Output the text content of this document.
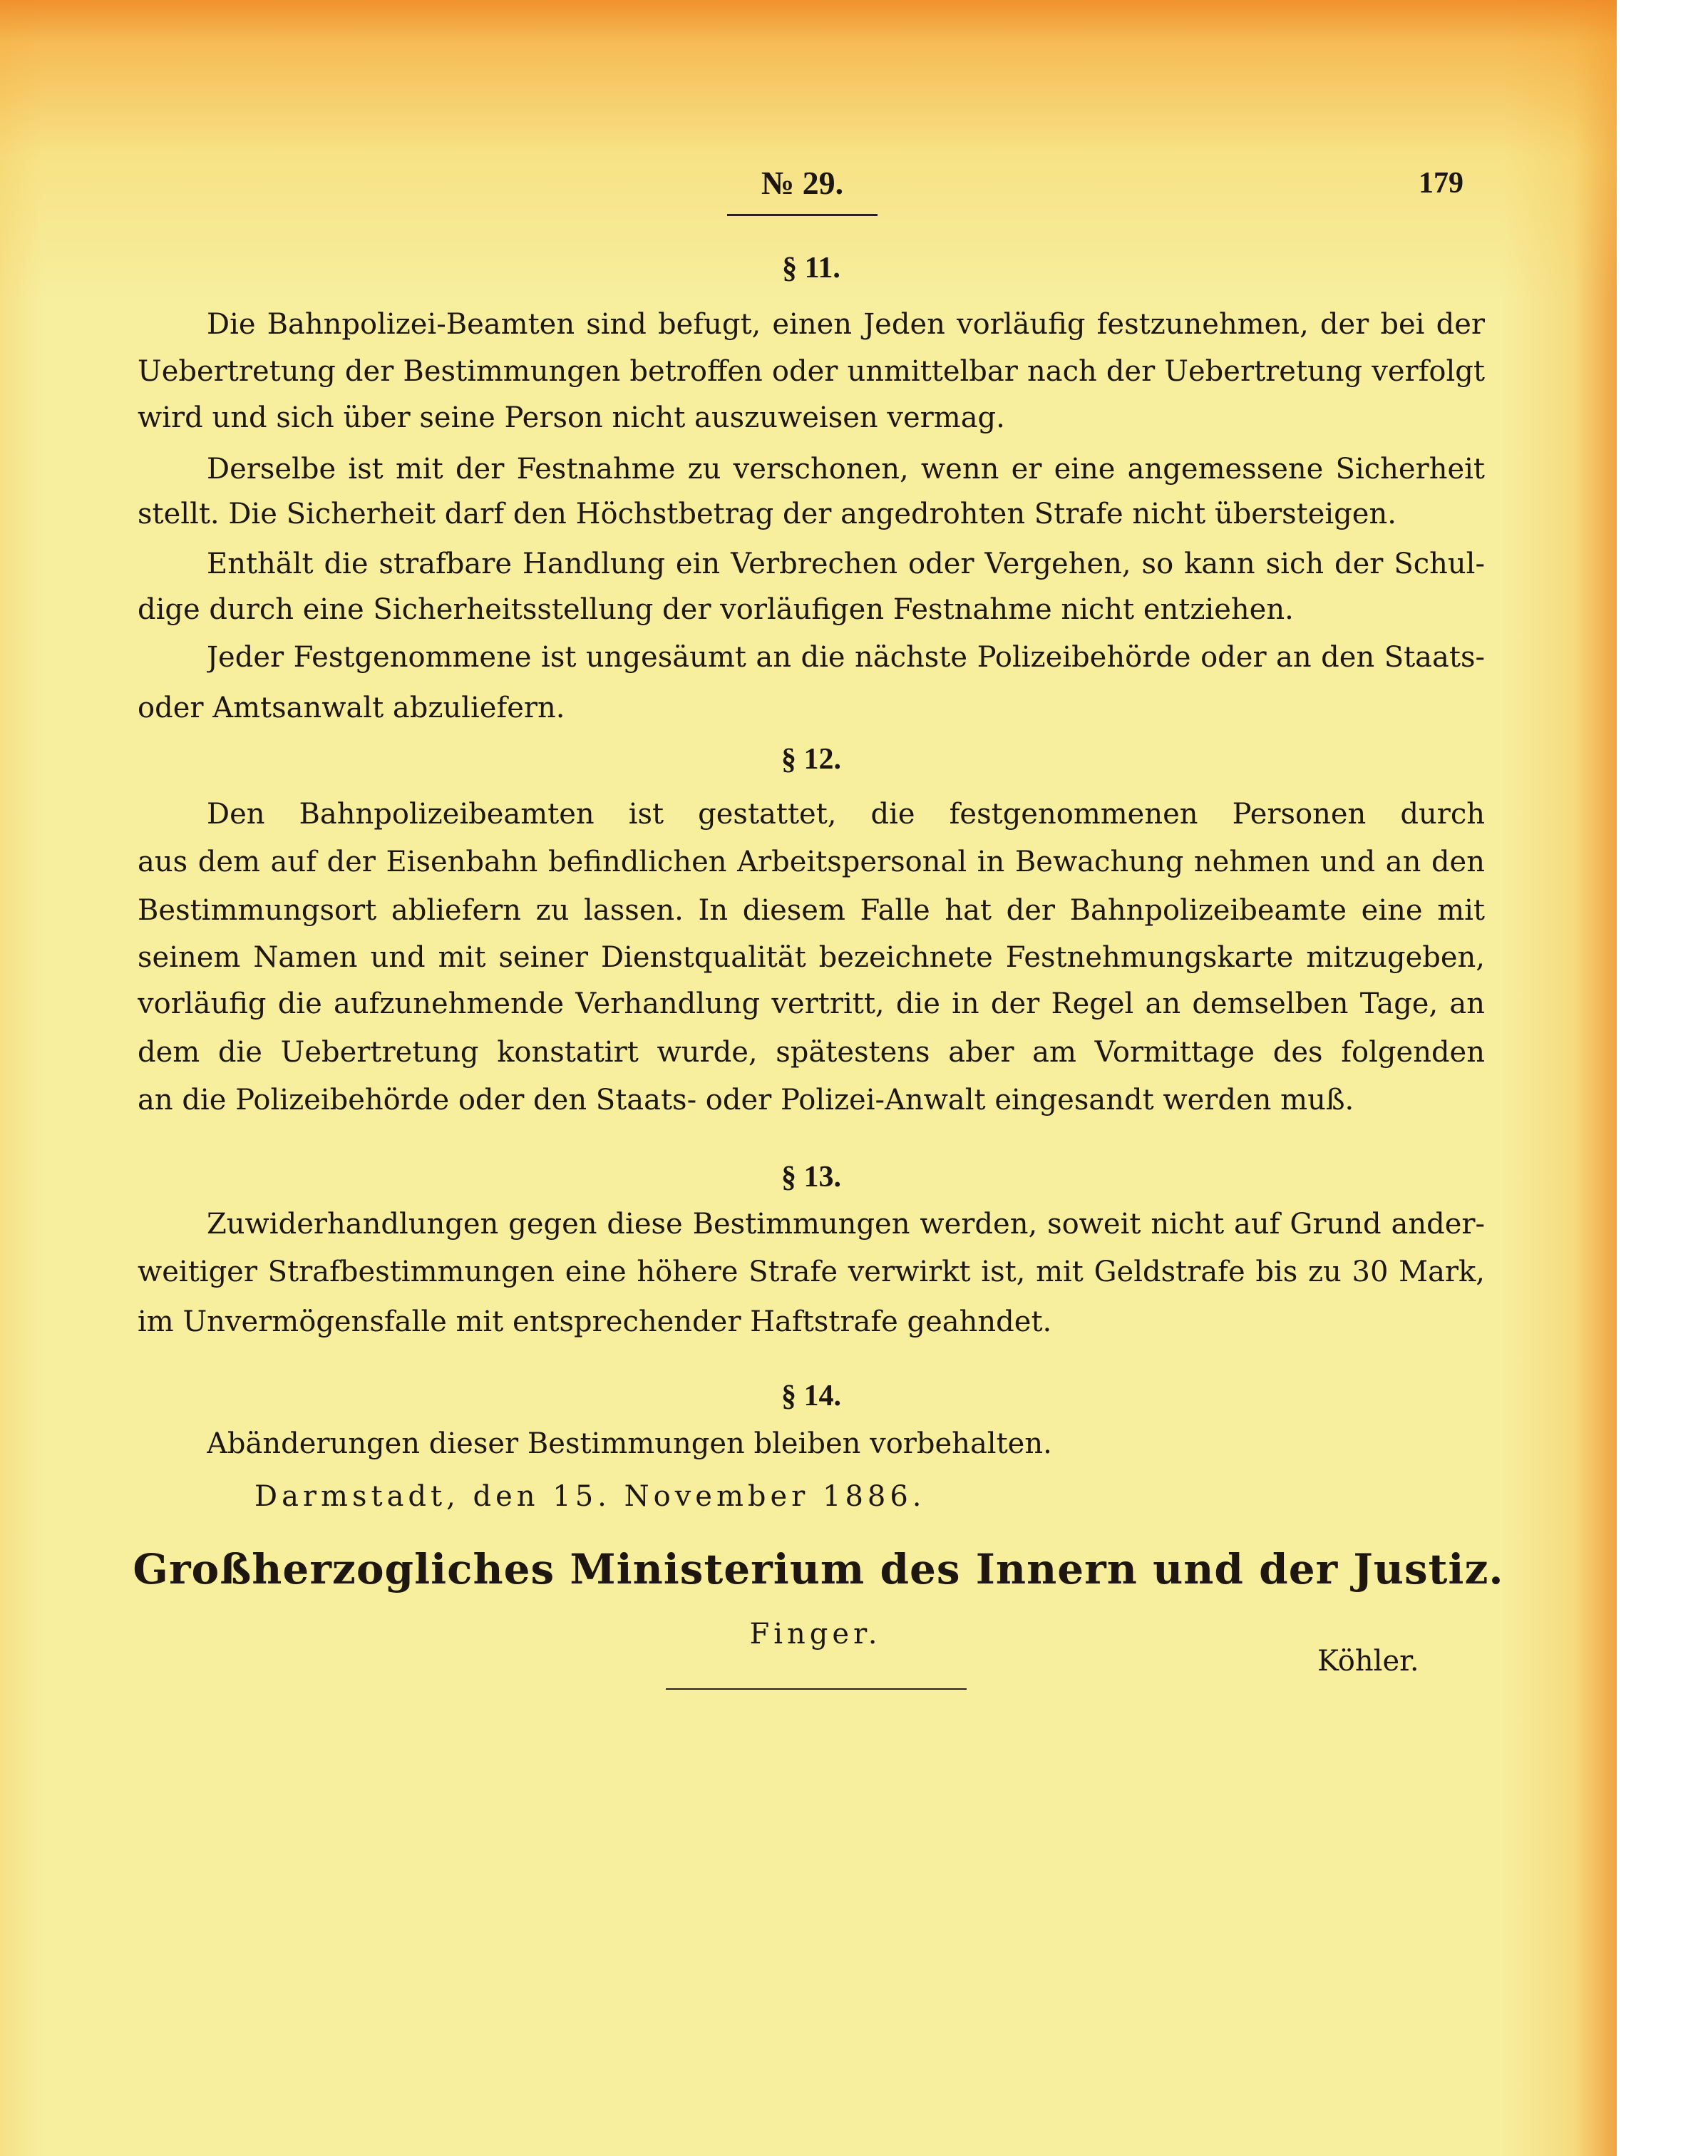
№ 29.	179
§ 11.
Die Bahnpolizei-Beamten sind befugt, einen Jeden vorläufig festzunehmen, der bei der
Uebertretung der Bestimmungen betroffen oder unmittelbar nach der Uebertretung verfolgt
wird und sich über seine Person nicht auszuweisen vermag.
Derselbe ist mit der Festnahme zu verschonen, wenn er eine angemessene Sicherheit
stellt. Die Sicherheit darf den Höchstbetrag der angedrohten Strafe nicht übersteigen.
Enthält die strafbare Handlung ein Verbrechen oder Vergehen, so kann sich der Schul-
dige durch eine Sicherheitsstellung der vorläufigen Festnahme nicht entziehen.
Jeder Festgenommene ist ungesäumt an die nächste Polizeibehörde oder an den Staats-
oder Amtsanwalt abzuliefern.
§ 12.
Den Bahnpolizeibeamten ist gestattet, die festgenommenen Personen durch
aus dem auf der Eisenbahn befindlichen Arbeitspersonal in Bewachung nehmen und an den
Bestimmungsort abliefern zu lassen. In diesem Falle hat der Bahnpolizeibeamte eine mit
seinem Namen und mit seiner Dienstqualität bezeichnete Festnehmungskarte mitzugeben,
vorläufig die aufzunehmende Verhandlung vertritt, die in der Regel an demselben Tage, an
dem die Uebertretung konstatirt wurde, spätestens aber am Vormittage des folgenden
an die Polizeibehörde oder den Staats- oder Polizei-Anwalt eingesandt werden muß.
§ 13.
Zuwiderhandlungen gegen diese Bestimmungen werden, soweit nicht auf Grund ander-
weitiger Strafbestimmungen eine höhere Strafe verwirkt ist, mit Geldstrafe bis zu 30 Mark,
im Unvermögensfalle mit entsprechender Haftstrafe geahndet.
§ 14.
Abänderungen dieser Bestimmungen bleiben vorbehalten.
Darmstadt, den 15. November 1886.
Großherzogliches Ministerium des Innern und der Justiz.
Finger.
Köhler.
